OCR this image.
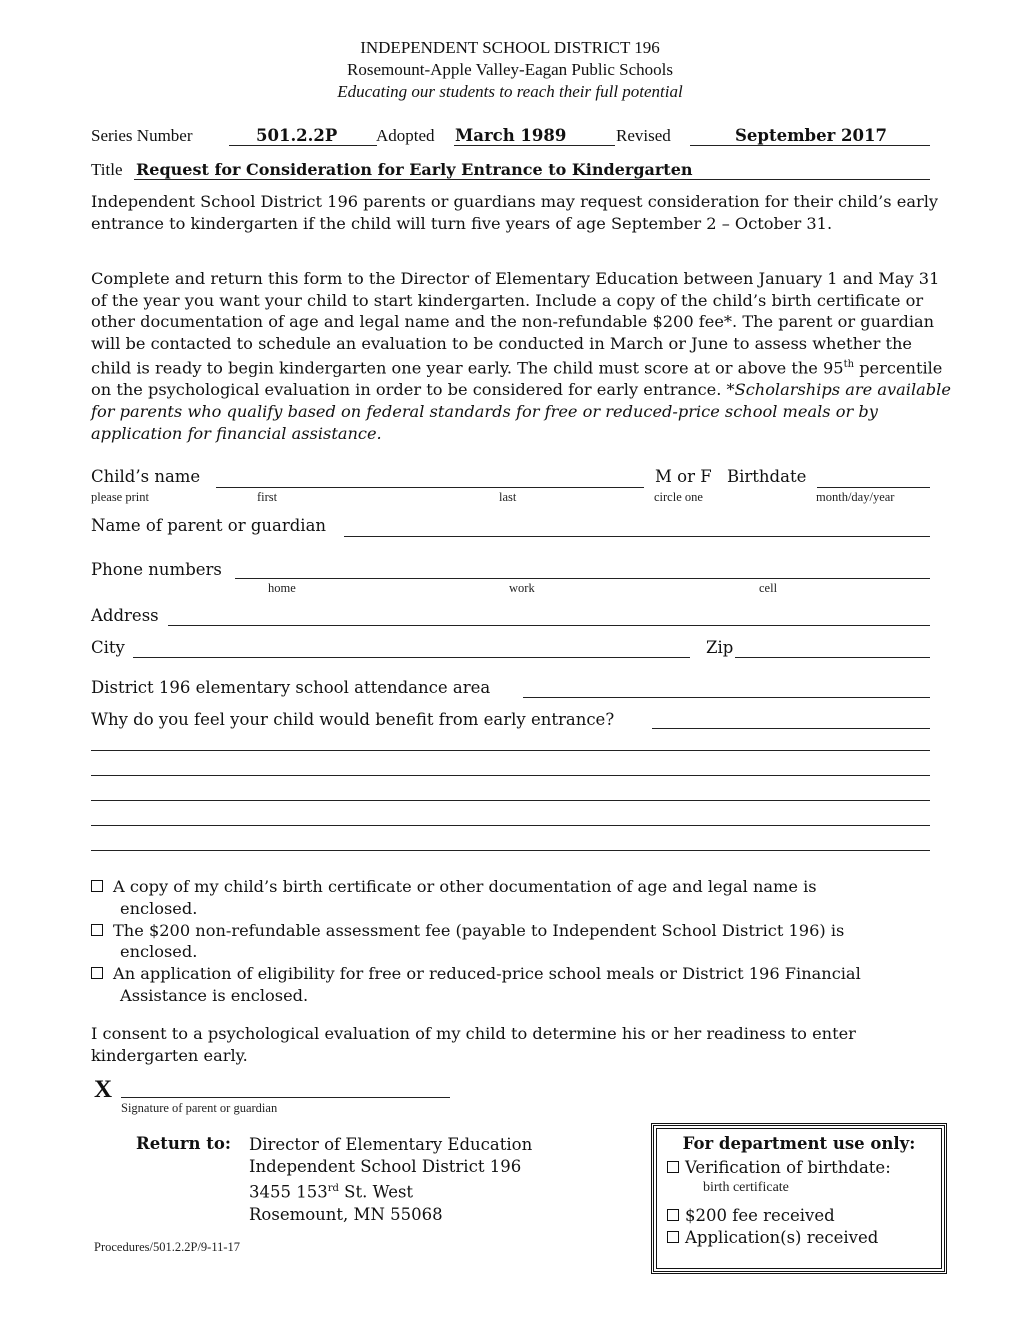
INDEPENDENT SCHOOL DISTRICT 196
Rosemount-Apple Valley-Eagan Public Schools
Educating our students to reach their full potential
Series Number	501.2.2P Adopted March 1989	Revised	September 2017
Title Request for Consideration for Early Entrance to Kindergarten
Independent School District 196 parents or guardians may request consideration for their child’s early entrance to kindergarten if the child will turn five years of age September 2 – October 31.
Complete and return this form to the Director of Elementary Education between January 1 and May 31 of the year you want your child to start kindergarten. Include a copy of the child’s birth certificate or other documentation of age and legal name and the non-refundable $200 fee*. The parent or guardian will be contacted to schedule an evaluation to be conducted in March or June to assess whether the child is ready to begin kindergarten one year early. The child must score at or above the 95th percentile on the psychological evaluation in order to be considered for early entrance. *Scholarships are available for parents who qualify based on federal standards for free or reduced-price school meals or by application for financial assistance.
Child’s name	M or F Birthdate
please print	first	last	circle one	month/day/year
Name of parent or guardian
Phone numbers
home	work	cell
Address
City	Zip
District 196 elementary school attendance area
Why do you feel your child would benefit from early entrance?
A copy of my child’s birth certificate or other documentation of age and legal name is
enclosed.
The $200 non-refundable assessment fee (payable to Independent School District 196) is
enclosed.
An application of eligibility for free or reduced-price school meals or District 196 Financial
Assistance is enclosed.
I consent to a psychological evaluation of my child to determine his or her readiness to enter kindergarten early.
X
Signature of parent or guardian
Return to: Director of Elementary Education
Independent School District 196
3455 153rd St. West
Rosemount, MN 55068
Procedures/501.2.2P/9-11-17
For department use only:
Verification of birthdate:
birth certificate
$200 fee received
Application(s) received
